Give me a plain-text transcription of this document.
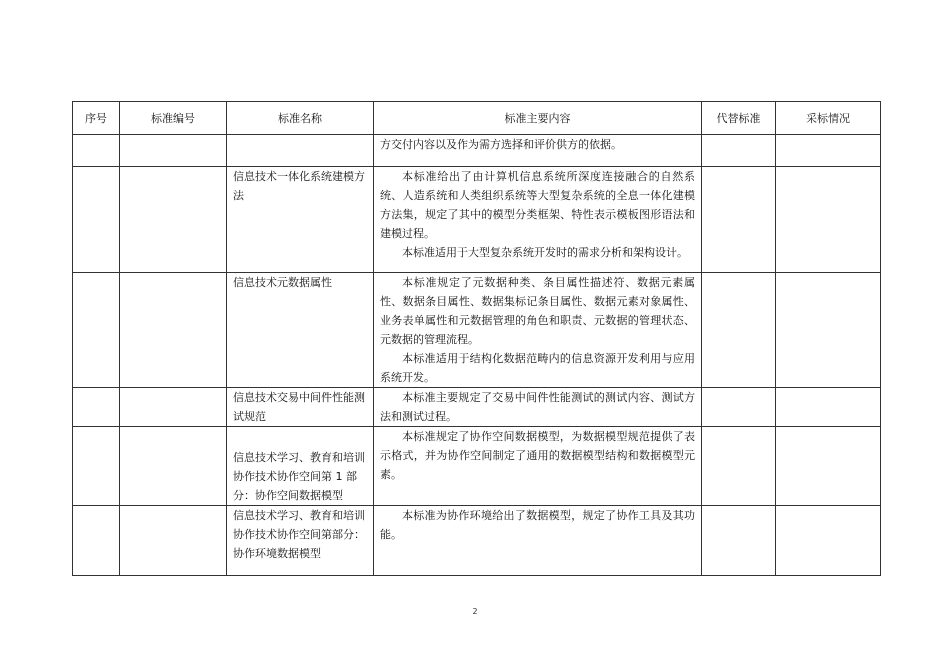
序号	标准编号	标准名称	标准主要内容	代替标准	采标情况

			方交付内容以及作为需方选择和评价供方的依据。		

		信息技术一体化系统建模方法	本标准给出了由计算机信息系统所深度连接融合的自然系统、人造系统和人类组织系统等大型复杂系统的全息一体化建模方法集，规定了其中的模型分类框架、特性表示模板图形语法和建模过程。

本标准适用于大型复杂系统开发时的需求分析和架构设计。		

		信息技术元数据属性	本标准规定了元数据种类、条目属性描述符、数据元素属性、数据条目属性、数据集标记条目属性、数据元素对象属性、业务表单属性和元数据管理的角色和职责、元数据的管理状态、元数据的管理流程。

本标准适用于结构化数据范畴内的信息资源开发利用与应用系统开发。		

		信息技术交易中间件性能测试规范	本标准主要规定了交易中间件性能测试的测试内容、测试方法和测试过程。		

		信息技术学习、教育和培训协作技术协作空间第 1 部分：协作空间数据模型	本标准规定了协作空间数据模型，为数据模型规范提供了表示格式，并为协作空间制定了通用的数据模型结构和数据模型元素。		

		信息技术学习、教育和培训协作技术协作空间第部分：协作环境数据模型	本标准为协作环境给出了数据模型，规定了协作工具及其功能。		

2
